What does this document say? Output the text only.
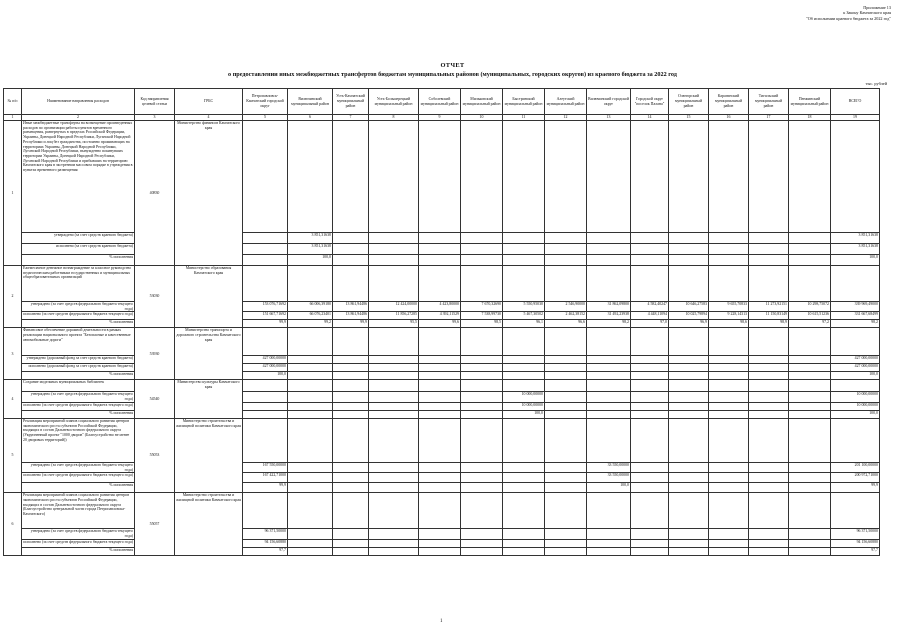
Приложение 13
к Закону Камчатского края
"Об исполнении краевого бюджета за 2022 год"
ОТЧЕТ
о предоставлении иных межбюджетных трансфертов бюджетам муниципальных районов (муниципальных, городских округов) из краевого бюджета за 2022 год
тыс. рублей
№ п/п	Наименование направления расходов	Код направления целевой статьи	ГРБС	Петропавловск-Камчатский городской округ	Вилючинский муниципальный район	Усть-Камчатский муниципальный район	Усть-Большерецкий муниципальный район	Соболевский муниципальный район	Мильковский муниципальный район	Быстринский муниципальный район	Алеутский муниципальный район	Вилючинский городской округ	Городской округ "поселок Палана"	Олюторский муниципальный район	Карагинский муниципальный район	Тигильский муниципальный район	Пенжинский муниципальный район	ВСЕГО
1	2	3	4	5	6	7	8	9	10	11	12	13	14	15	16	17	18	19
1	Иные межбюджетные трансферты на возмещение произведенных расходов по организации работы пунктов временного размещения, развернутых в пределах Российской Федерации, Украины, Донецкой Народной Республики, Луганской Народной Республики и лиц без гражданства, постоянно проживающих на территориях Украины, Донецкой Народной Республики, Луганской Народной Республики, вынужденно покинувших территории Украины, Донецкой Народной Республики, Луганской Народной Республики и прибывших на территорию Камчатского края в экстренном массовом порядке в учреждения в пунктах временного размещения	40830	Министерство финансов Камчатского края															
	утверждено (за счет средств краевого бюджета)				3 851,31638													3 851,31638
	исполнено (за счет средств краевого бюджета)				3 851,31638													3 851,31638
	% исполнения				100,0													100,0
2	Ежемесячное денежное вознаграждение за классное руководство педагогическим работникам государственных и муниципальных общеобразовательных организаций	53030	Министерство образования Камчатского края															
	утверждено (за счет средств федерального бюджета текущего года)			153 076,71692	66 006,39180	13 861,94486	12 424,00000	4 423,80000	7 670,32690	5 550,95030	2 546,90000	31 862,09800	4 582,40247	10 646,27583	9 655,70833	11 273,92151	10 298,75072	339 969,49000
	исполнено (за счет средств федерального бюджета текущего года)			151 667,71692	66 076,23401	13 861,94486	11 856,27285	4 392,11529	7 538,99730	5 467,30502	2 462,38152	31 492,23938	4 448,11094	10 025,79894	9 228,14313	11 150,83149	10 615,51236	331 667,68499
	% исполнения			99,9	99,2	99,9	95,5	99,6	98,5	96,1	96,6	98,2	97,0	96,9	98,6	98,9	97,2	98,2
3	Финансовое обеспечение дорожной деятельности в рамках реализации национального проекта "Безопасные и качественные автомобильные дороги"	53930	Министерство транспорта и дорожного строительства Камчатского края															
	утверждено (дорожный фонд за счет средств краевого бюджета)			427 000,00000														427 000,00000
	исполнено (дорожный фонд за счет средств краевого бюджета)			427 000,00000														427 000,00000
	% исполнения			100,0														100,0
4	Создание модельных муниципальных библиотек	54540	Министерство культуры Камчатского края															
	утверждено (за счет средств федерального бюджета текущего года)									10 000,00000								10 000,00000
	исполнено (за счет средств федерального бюджета текущего года)									10 000,00000								10 000,00000
	% исполнения									100,0								100,0
5	Реализация мероприятий планов социального развития центров экономического роста субъектов Российской Федерации, входящих в состав Дальневосточного федерального округа (Укрупненный проект "1000 дворов" (Благоустройство не менее 20 дворовых территорий))	55053	Министерство строительства и жилищной политики Камчатского края															
	утверждено (за счет средств федерального бюджета текущего года)			167 550,00000								33 550,00000						201 100,00000
	исполнено (за счет средств федерального бюджета текущего года)			167 422,71000								33 550,00000						200 972,71000
	% исполнения			99,9								100,0						99,9
6	Реализация мероприятий планов социального развития центров экономического роста субъектов Российской Федерации, входящих в состав Дальневосточного федерального округа (Благоустройство центральной части города Петропавловска-Камчатского)	55057	Министерство строительства и жилищной политики Камчатского края															
	утверждено (за счет средств федерального бюджета текущего года)			96 371,50000														96 371,50000
	исполнено (за счет средств федерального бюджета текущего года)			94 156,60880														94 156,60880
	% исполнения			97,7														97,7
1
